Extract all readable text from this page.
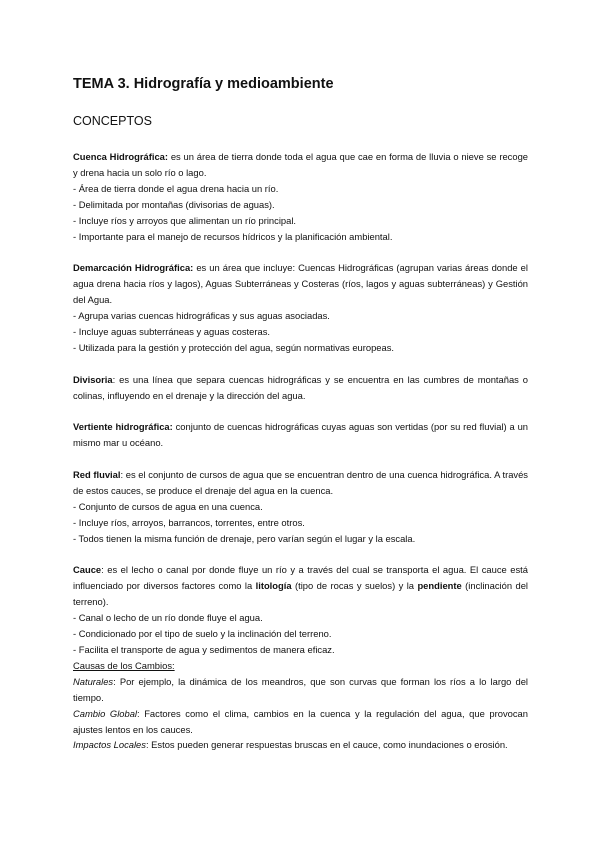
TEMA 3. Hidrografía y medioambiente
CONCEPTOS

Cuenca Hidrográfica: es un área de tierra donde toda el agua que cae en forma de lluvia o nieve se recoge y drena hacia un solo río o lago.

- Área de tierra donde el agua drena hacia un río.

- Delimitada por montañas (divisorias de aguas).

- Incluye ríos y arroyos que alimentan un río principal.

- Importante para el manejo de recursos hídricos y la planificación ambiental.

Demarcación Hidrográfica: es un área que incluye: Cuencas Hidrográficas (agrupan varias áreas donde el agua drena hacia ríos y lagos), Aguas Subterráneas y Costeras (ríos, lagos y aguas subterráneas) y Gestión del Agua.

- Agrupa varias cuencas hidrográficas y sus aguas asociadas.

- Incluye aguas subterráneas y aguas costeras.

- Utilizada para la gestión y protección del agua, según normativas europeas.

Divisoria: es una línea que separa cuencas hidrográficas y se encuentra en las cumbres de montañas o colinas, influyendo en el drenaje y la dirección del agua.

Vertiente hidrográfica: conjunto de cuencas hidrográficas cuyas aguas son vertidas (por su red fluvial) a un mismo mar u océano.

Red fluvial: es el conjunto de cursos de agua que se encuentran dentro de una cuenca hidrográfica. A través de estos cauces, se produce el drenaje del agua en la cuenca.

- Conjunto de cursos de agua en una cuenca.

- Incluye ríos, arroyos, barrancos, torrentes, entre otros.

- Todos tienen la misma función de drenaje, pero varían según el lugar y la escala.

Cauce: es el lecho o canal por donde fluye un río y a través del cual se transporta el agua. El cauce está influenciado por diversos factores como la litología (tipo de rocas y suelos) y la pendiente (inclinación del terreno).

- Canal o lecho de un río donde fluye el agua.

- Condicionado por el tipo de suelo y la inclinación del terreno.

- Facilita el transporte de agua y sedimentos de manera eficaz.

Causas de los Cambios:

Naturales: Por ejemplo, la dinámica de los meandros, que son curvas que forman los ríos a lo largo del tiempo.

Cambio Global: Factores como el clima, cambios en la cuenca y la regulación del agua, que provocan ajustes lentos en los cauces.

Impactos Locales: Estos pueden generar respuestas bruscas en el cauce, como inundaciones o erosión.
